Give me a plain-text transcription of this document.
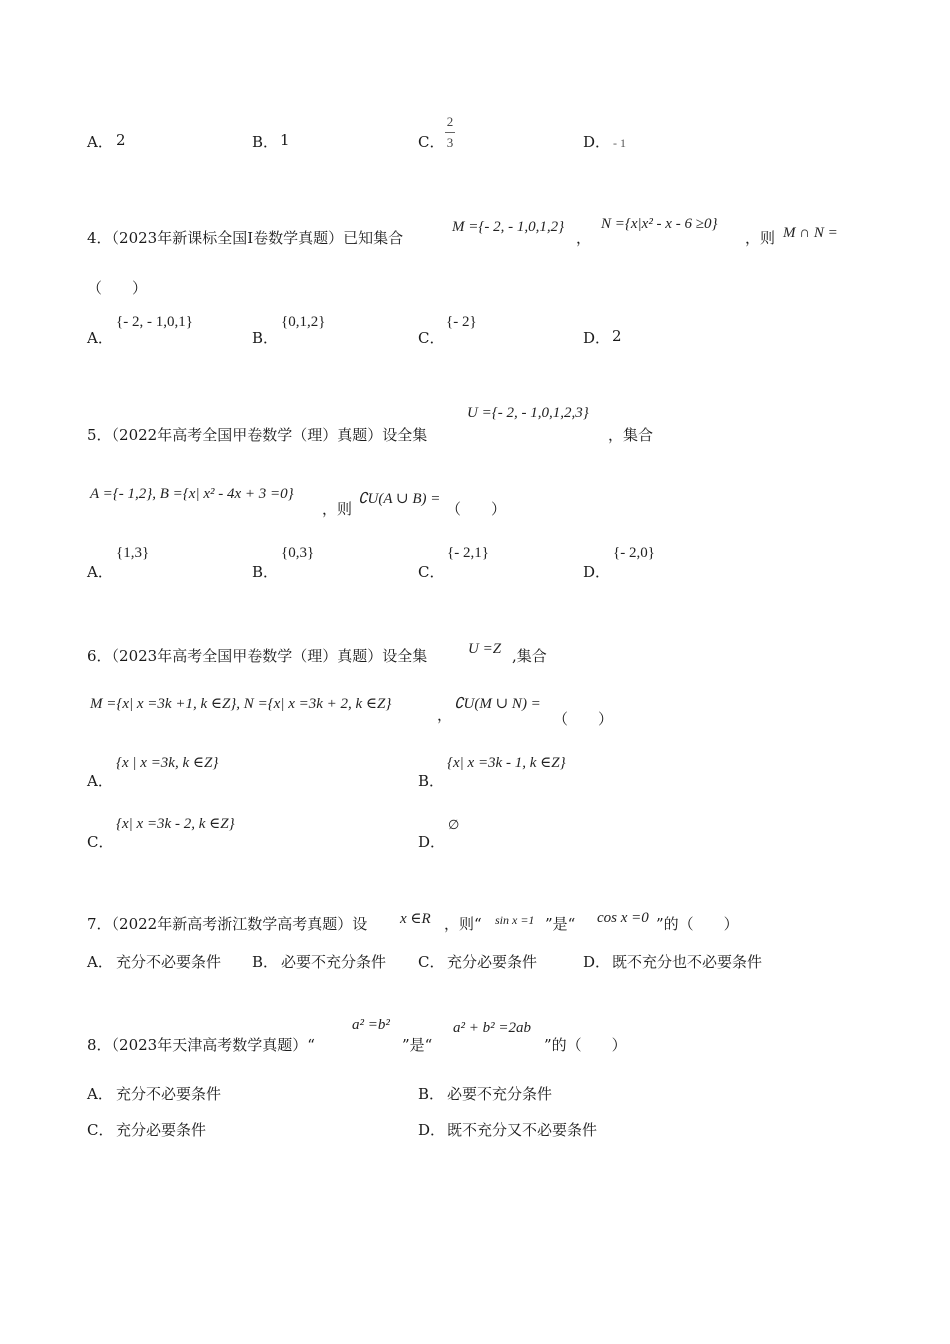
A． 2	B． 1	C．
2
3	D． - 1
4．（2023年新课标全国Ⅰ卷数学真题）已知集合
M ={- 2, - 1,0,1,2}
，
N ={x|x² - x - 6 ≥0}
，则 M ∩ N =
（　　）
A．
{- 2, - 1,0,1}
B．
{0,1,2}
C．
{- 2}
D． 2
5．（2022年高考全国甲卷数学（理）真题）设全集
U ={- 2, - 1,0,1,2,3}
，集合
A ={- 1,2}, B ={x| x² - 4x + 3 =0}
，则
∁U(A ∪ B) =
（　　）
A．
{1,3}
B．
{0,3}
C．
{- 2,1}
D．
{- 2,0}
6．（2023年高考全国甲卷数学（理）真题）设全集	U =Z ,集合
M ={x| x =3k +1, k ∈Z}, N ={x| x =3k + 2, k ∈Z}
，
∁U(M ∪ N) =
（　　）
A．
{x | x =3k, k ∈Z}
B．
{x| x =3k - 1, k ∈Z}
C．
{x| x =3k - 2, k ∈Z}
D．
∅
7．（2022年新高考浙江数学高考真题）设 x ∈R ，则“ sin x =1 ”是“ cos x =0 ”的（　　）
A． 充分不必要条件 B． 必要不充分条件 C． 充分必要条件	D． 既不充分也不必要条件
8．（2023年天津高考数学真题）“
a² =b²
”是“
a² + b² =2ab
”的（　　）
A． 充分不必要条件	B． 必要不充分条件
C． 充分必要条件	D． 既不充分又不必要条件
